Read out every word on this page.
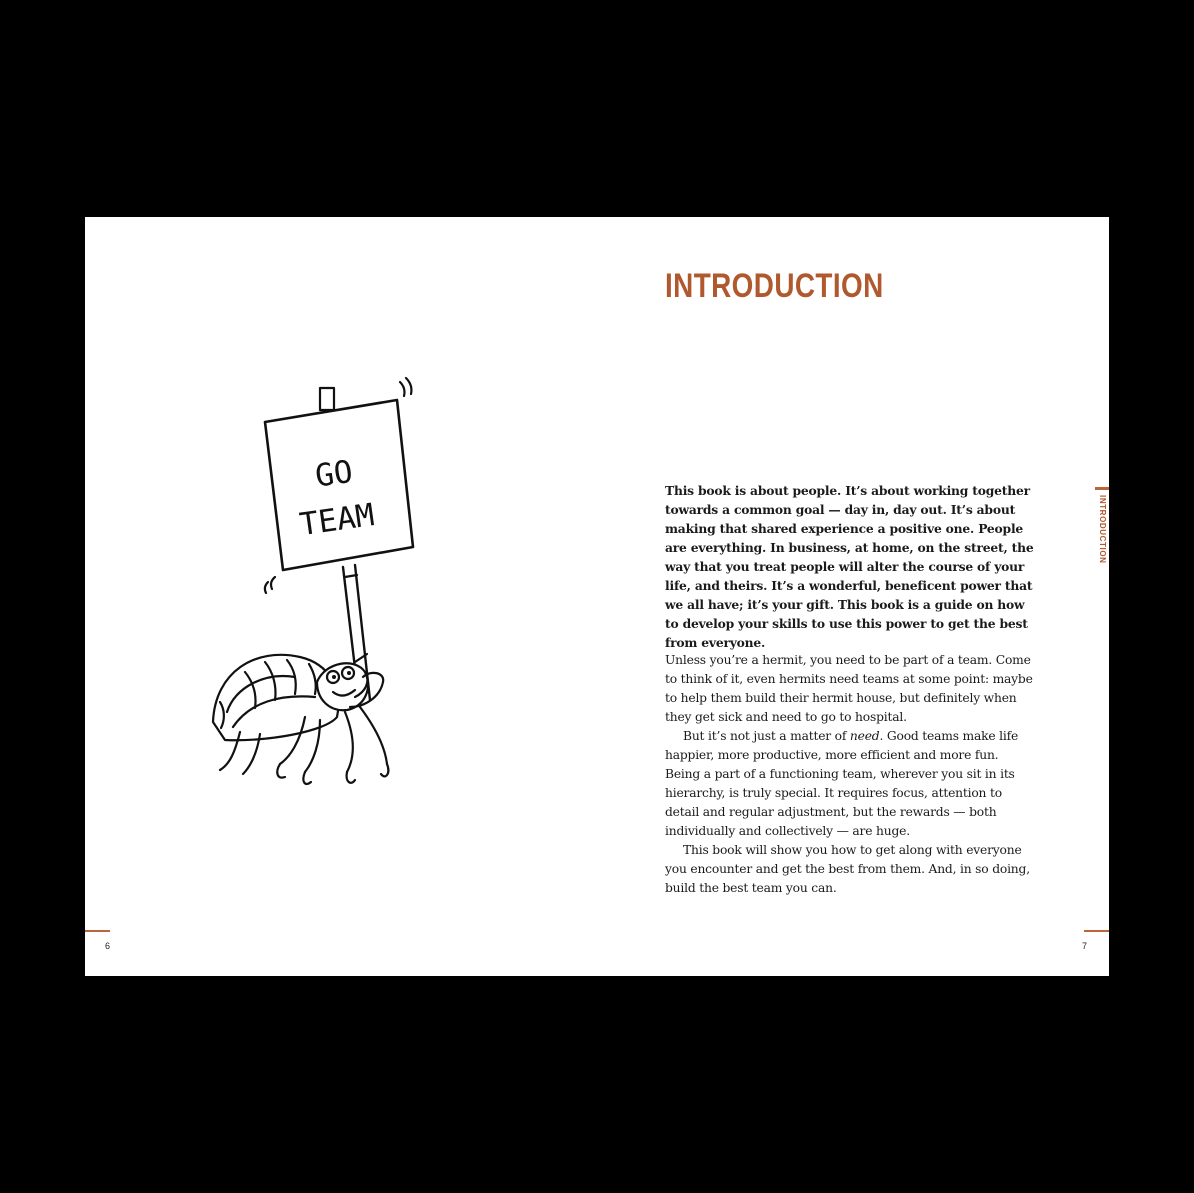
GO
TEAM
6
INTRODUCTION
INTRODUCTION

This book is about people. It’s about working together towards a common goal — day in, day out. It’s about making that shared experience a positive one. People are everything. In business, at home, on the street, the way that you treat people will alter the course of your life, and theirs. It’s a wonderful, beneficent power that we all have; it’s your gift. This book is a guide on how to develop your skills to use this power to get the best from everyone.

Unless you’re a hermit, you need to be part of a team. Come to think of it, even hermits need teams at some point: maybe to help them build their hermit house, but definitely when they get sick and need to go to hospital.

But it’s not just a matter of need. Good teams make life happier, more productive, more efficient and more fun. Being a part of a functioning team, wherever you sit in its hierarchy, is truly special. It requires focus, attention to detail and regular adjustment, but the rewards — both individually and collectively — are huge.

This book will show you how to get along with everyone you encounter and get the best from them. And, in so doing, build the best team you can.

7
